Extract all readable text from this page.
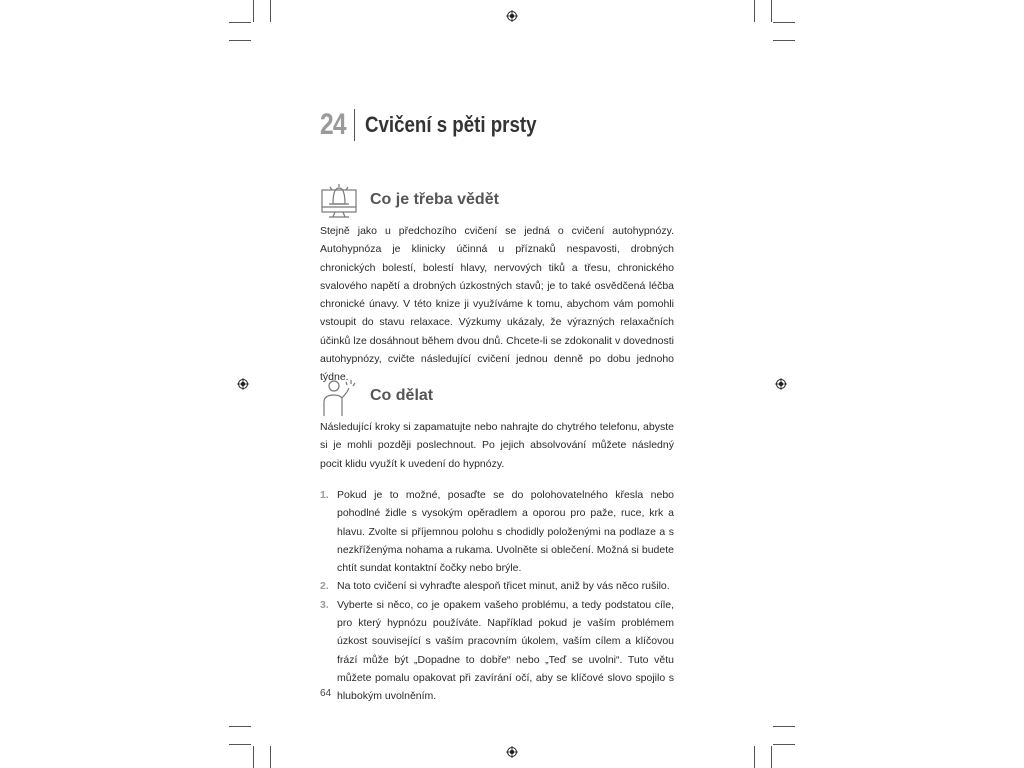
24 Cvičení s pěti prsty
Co je třeba vědět

Stejně jako u předchozího cvičení se jedná o cvičení autohypnózy. Autohypnóza je klinicky účinná u příznaků nespavosti, drobných chronických bolestí, bolestí hlavy, nervových tiků a třesu, chronického svalového napětí a drobných úzkostných stavů; je to také osvědčená léčba chronické únavy. V této knize ji využíváme k tomu, abychom vám pomohli vstoupit do stavu relaxace. Výzkumy ukázaly, že výrazných relaxačních účinků lze dosáhnout během dvou dnů. Chcete-li se zdokonalit v dovednosti autohypnózy, cvičte následující cvičení jednou denně po dobu jednoho týdne.

Co dělat

Následující kroky si zapamatujte nebo nahrajte do chytrého telefonu, abyste si je mohli později poslechnout. Po jejich absolvování můžete následný pocit klidu využít k uvedení do hypnózy.

1. Pokud je to možné, posaďte se do polohovatelného křesla nebo pohodlné židle s vysokým opěradlem a oporou pro paže, ruce, krk a hlavu. Zvolte si příjemnou polohu s chodidly položenými na podlaze a s nezkříženýma nohama a rukama. Uvolněte si oblečení. Možná si budete chtít sundat kontaktní čočky nebo brýle.
2. Na toto cvičení si vyhraďte alespoň třicet minut, aniž by vás něco rušilo.
3. Vyberte si něco, co je opakem vašeho problému, a tedy podstatou cíle, pro který hypnózu používáte. Například pokud je vaším problémem úzkost související s vaším pracovním úkolem, vaším cílem a klíčovou frází může být „Dopadne to dobře“ nebo „Teď se uvolni“. Tuto větu můžete pomalu opakovat při zavírání očí, aby se klíčové slovo spojilo s hlubokým uvolněním.
64
